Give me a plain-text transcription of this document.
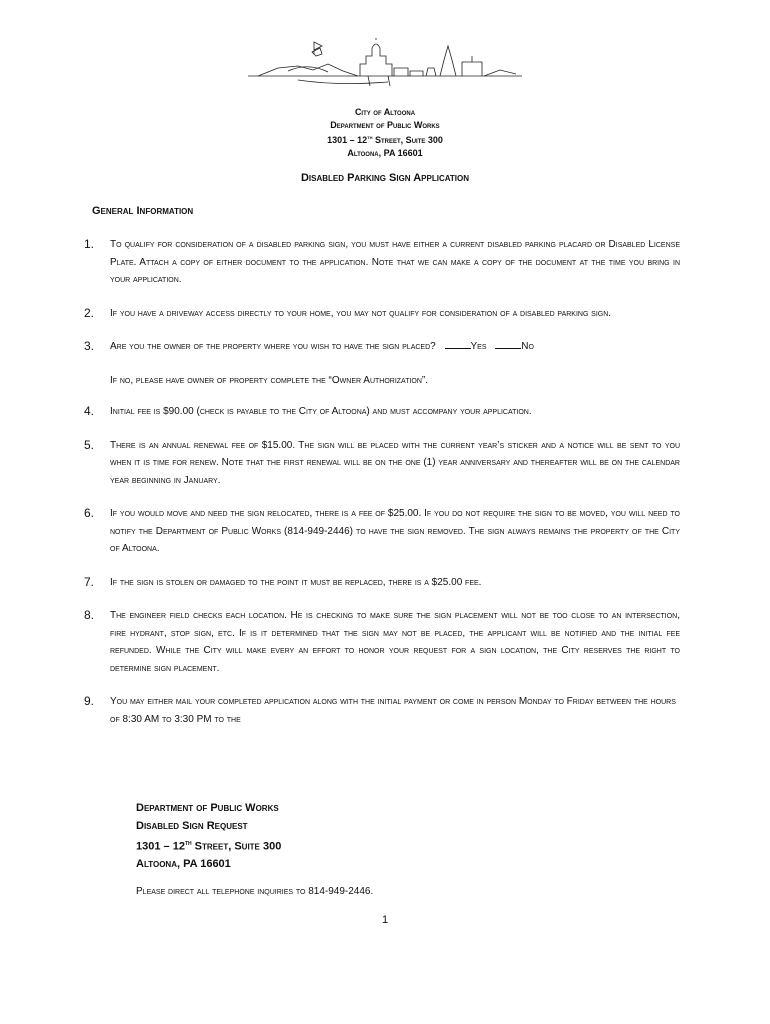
City of Altoona
Department of Public Works
1301 – 12th Street, Suite 300
Altoona, PA 16601
Disabled Parking Sign Application
General Information
1.	To qualify for consideration of a disabled parking sign, you must have either a current disabled parking placard or Disabled License Plate. Attach a copy of either document to the application. Note that we can make a copy of the document at the time you bring in your application.

2.	If you have a driveway access directly to your home, you may not qualify for consideration of a disabled parking sign.

3.	Are you the owner of the property where you wish to have the sign placed?	Yes	No

If no, please have owner of property complete the “Owner Authorization”.

4.	Initial fee is $90.00 (check is payable to the City of Altoona) and must accompany your application.

5.	There is an annual renewal fee of $15.00. The sign will be placed with the current year’s sticker and a notice will be sent to you when it is time for renew. Note that the first renewal will be on the one (1) year anniversary and thereafter will be on the calendar year beginning in January.

6.	If you would move and need the sign relocated, there is a fee of $25.00. If you do not require the sign to be moved, you will need to notify the Department of Public Works (814-949-2446) to have the sign removed. The sign always remains the property of the City of Altoona.

7.	If the sign is stolen or damaged to the point it must be replaced, there is a $25.00 fee.

8.	The engineer field checks each location. He is checking to make sure the sign placement will not be too close to an intersection, fire hydrant, stop sign, etc. If is it determined that the sign may not be placed, the applicant will be notified and the initial fee refunded. While the City will make every an effort to honor your request for a sign location, the City reserves the right to determine sign placement.

9.	You may either mail your completed application along with the initial payment or come in person Monday to Friday between the hours of 8:30 AM to 3:30 PM to the

Department of Public Works
Disabled Sign Request
1301 – 12th Street, Suite 300
Altoona, PA 16601
Please direct all telephone inquiries to 814-949-2446.
1
